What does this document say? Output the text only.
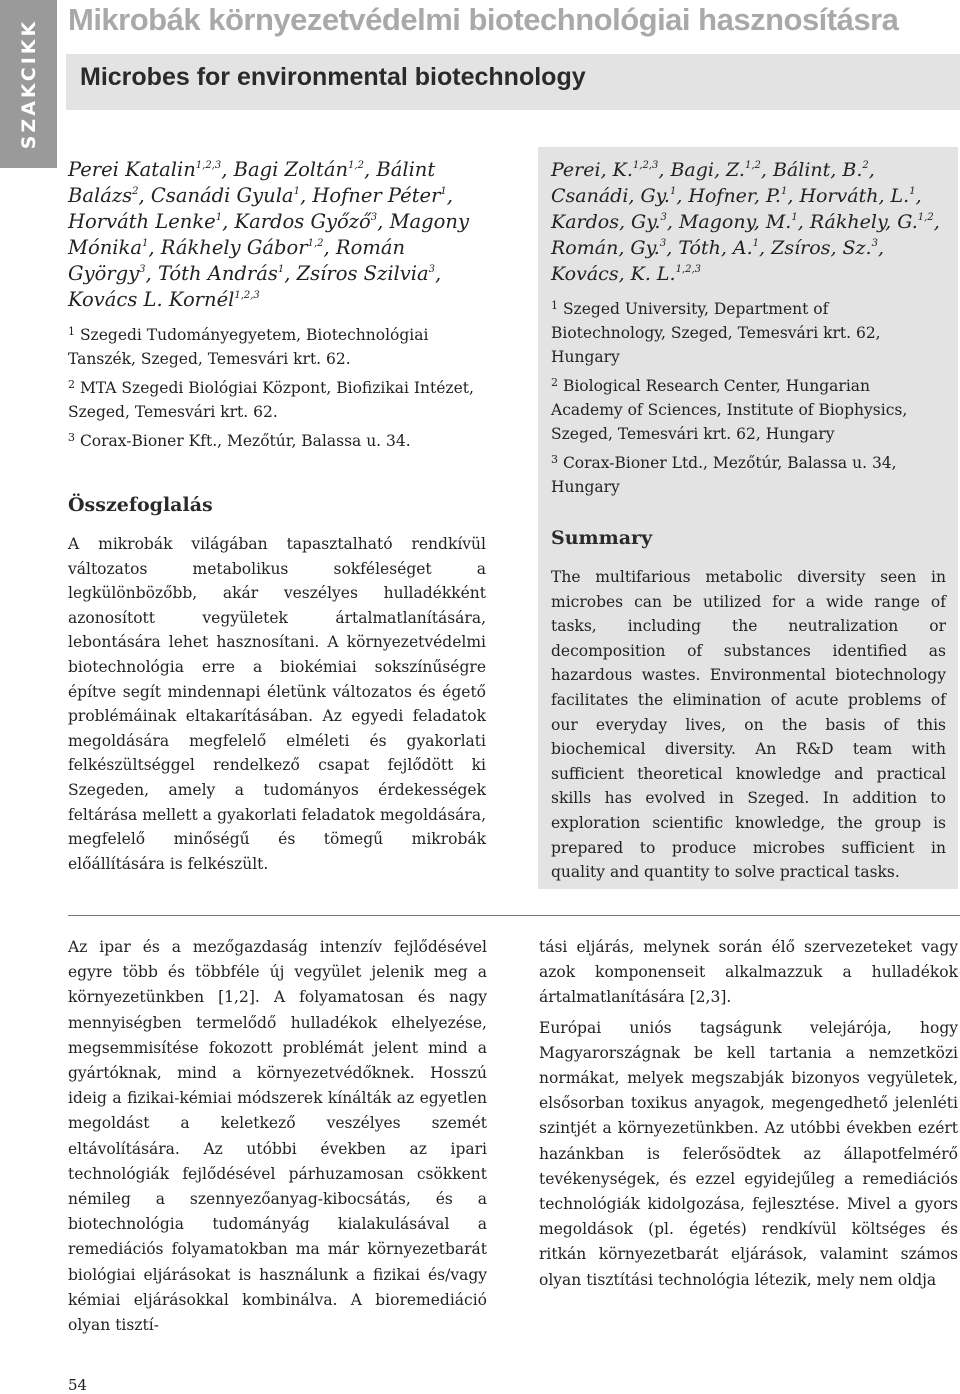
SZAKCIKK Mikrobák környezetvédelmi biotechnológiai hasznosításra
Microbes for environmental biotechnology
Perei Katalin$^{1,2,3}$, Bagi Zoltán$^{1,2}$, Bálint Balázs$^2$, Csanádi Gyula$^1$, Hofner Péter$^1$, Horváth Lenke$^1$, Kardos Győző$^3$, Magony Mónika$^1$, Rákhely Gábor$^{1,2}$, Román György$^3$, Tóth András$^1$, Zsíros Szilvia$^3$, Kovács L. Kornél$^{1,2,3}$
$^1$ Szegedi Tudományegyetem, Biotechnológiai Tanszék, Szeged, Temesvári krt. 62.
$^2$ MTA Szegedi Biológiai Központ, Biofizikai Intézet, Szeged, Temesvári krt. 62.
$^3$ Corax-Bioner Kft., Mezőtúr, Balassa u. 34.
Összefoglalás
A mikrobák világában tapasztalható rendkívül változatos metabolikus sokféleséget a legkülönbözőbb, akár veszélyes hulladékként azonosított vegyületek ártalmatlanítására, lebontására lehet hasznosítani. A környezetvédelmi biotechnológia erre a biokémiai sokszínűségre építve segít mindennapi életünk változatos és égető problémáinak eltakarításában. Az egyedi feladatok megoldására megfelelő elméleti és gyakorlati felkészültséggel rendelkező csapat fejlődött ki Szegeden, amely a tudományos érdekességek feltárása mellett a gyakorlati feladatok megoldására, megfelelő minőségű és tömegű mikrobák előállítására is felkészült.
Perei, K.$^{1,2,3}$, Bagi, Z.$^{1,2}$, Bálint, B.$^2$, Csanádi, Gy.$^1$, Hofner, P.$^1$, Horváth, L.$^1$, Kardos, Gy.$^3$, Magony, M.$^1$, Rákhely, G.$^{1,2}$, Román, Gy.$^3$, Tóth, A.$^1$, Zsíros, Sz.$^3$, Kovács, K. L.$^{1,2,3}$
$^1$ Szeged University, Department of Biotechnology, Szeged, Temesvári krt. 62, Hungary
$^2$ Biological Research Center, Hungarian Academy of Sciences, Institute of Biophysics, Szeged, Temesvári krt. 62, Hungary
$^3$ Corax-Bioner Ltd., Mezőtúr, Balassa u. 34, Hungary
Summary
The multifarious metabolic diversity seen in microbes can be utilized for a wide range of tasks, including the neutralization or decomposition of substances identified as hazardous wastes. Environmental biotechnology facilitates the elimination of acute problems of our everyday lives, on the basis of this biochemical diversity. An R&D team with sufficient theoretical knowledge and practical skills has evolved in Szeged. In addition to exploration scientific knowledge, the group is prepared to produce microbes sufficient in quality and quantity to solve practical tasks.
Az ipar és a mezőgazdaság intenzív fejlődésével egyre több és többféle új vegyület jelenik meg a környezetünkben [1,2]. A folyamatosan és nagy mennyiségben termelődő hulladékok elhelyezése, megsemmisítése fokozott problémát jelent mind a gyártóknak, mind a környezetvédőknek. Hosszú ideig a fizikai-kémiai módszerek kínálták az egyetlen megoldást a keletkező veszélyes szemét eltávolítására. Az utóbbi években az ipari technológiák fejlődésével párhuzamosan csökkent némileg a szennyezőanyag-kibocsátás, és a biotechnológia tudományág kialakulásával a remediációs folyamatokban ma már környezetbarát biológiai eljárásokat is használunk a fizikai és/vagy kémiai eljárásokkal kombinálva. A bioremediáció olyan tisztí-
tási eljárás, melynek során élő szervezeteket vagy azok komponenseit alkalmazzuk a hulladékok ártalmatlanítására [2,3].
Európai uniós tagságunk velejárója, hogy Magyarországnak be kell tartania a nemzetközi normákat, melyek megszabják bizonyos vegyületek, elsősorban toxikus anyagok, megengedhető jelenléti szintjét a környezetünkben. Az utóbbi években ezért hazánkban is felerősödtek az állapotfelmérő tevékenységek, és ezzel egyidejűleg a remediációs technológiák kidolgozása, fejlesztése. Mivel a gyors megoldások (pl. égetés) rendkívül költséges és ritkán környezetbarát eljárások, valamint számos olyan tisztítási technológia létezik, mely nem oldja
54
